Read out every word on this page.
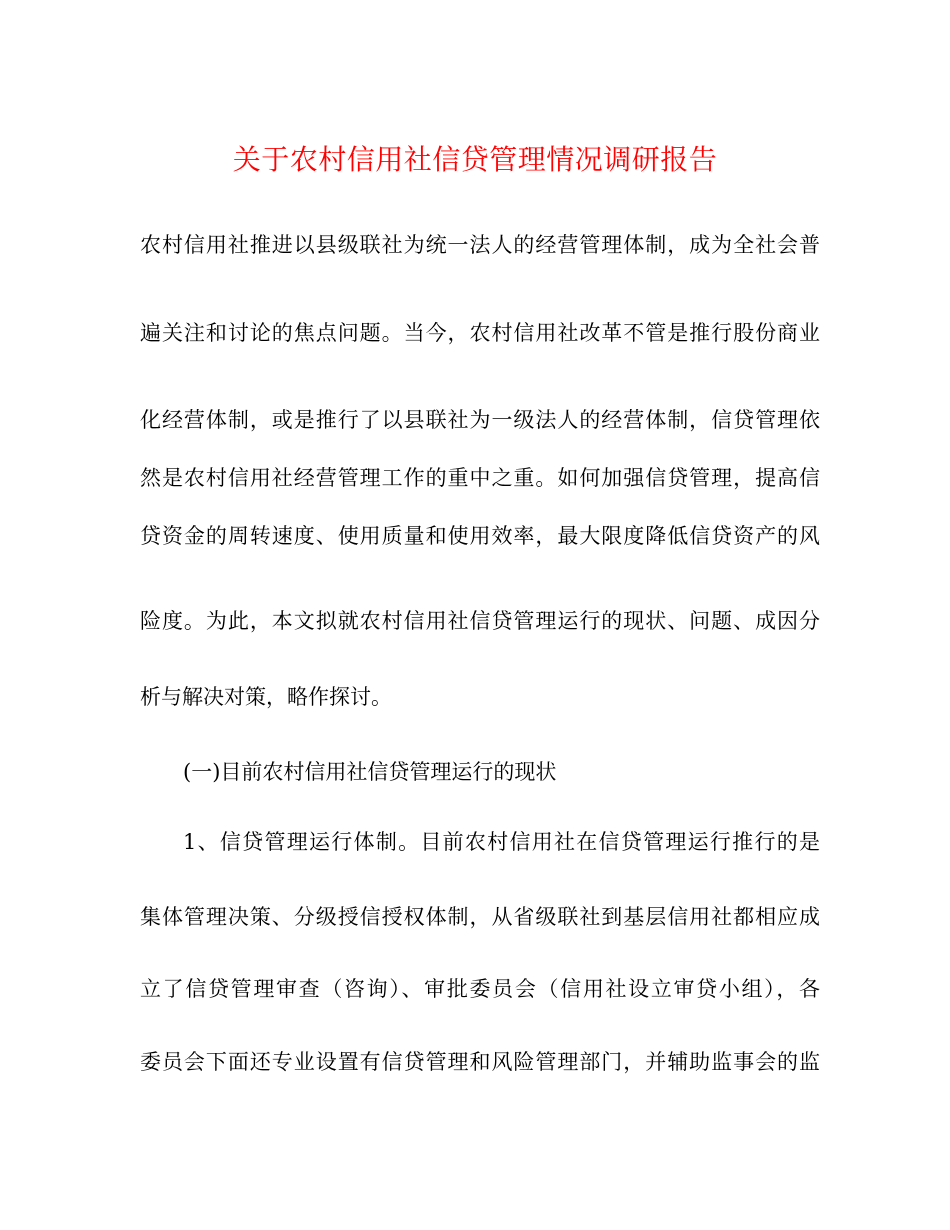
关于农村信用社信贷管理情况调研报告
农村信用社推进以县级联社为统一法人的经营管理体制，成为全社会普
遍关注和讨论的焦点问题。当今，农村信用社改革不管是推行股份商业
化经营体制，或是推行了以县联社为一级法人的经营体制，信贷管理依
然是农村信用社经营管理工作的重中之重。如何加强信贷管理，提高信
贷资金的周转速度、使用质量和使用效率，最大限度降低信贷资产的风
险度。为此，本文拟就农村信用社信贷管理运行的现状、问题、成因分
析与解决对策，略作探讨。
(一)目前农村信用社信贷管理运行的现状
1、信贷管理运行体制。目前农村信用社在信贷管理运行推行的是
集体管理决策、分级授信授权体制，从省级联社到基层信用社都相应成
立了信贷管理审查（咨询）、审批委员会（信用社设立审贷小组），各
委员会下面还专业设置有信贷管理和风险管理部门，并辅助监事会的监
